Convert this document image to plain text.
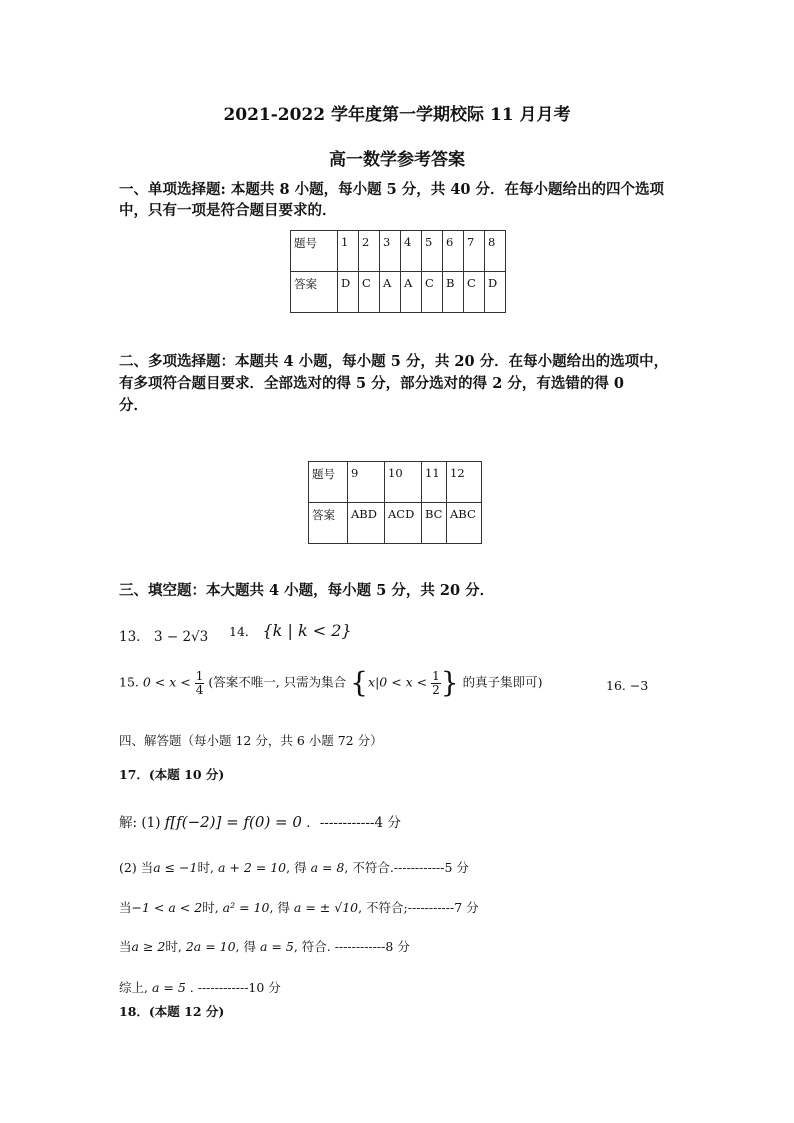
2021-2022 学年度第一学期校际 11 月月考
高一数学参考答案
一、单项选择题: 本题共 8 小题，每小题 5 分，共 40 分．在每小题给出的四个选项
中，只有一项是符合题目要求的．
题号	1	2	3	4	5	6	7	8
答案	D	C	A	A	C	B	C	D
二、多项选择题：本题共 4 小题，每小题 5 分，共 20 分．在每小题给出的选项中，
有多项符合题目要求．全部选对的得 5 分，部分选对的得 2 分，有选错的得 0
分．
题号	9	10	11	12
答案	ABD	ACD	BC	ABC
三、填空题：本大题共 4 小题，每小题 5 分，共 20 分．
13． 3 − 2√3 14． {k | k < 2}
15. $0 < x < \frac{1}{4}$ (答案不唯一, 只需为集合 {$x|0 < x < \frac{1}{2}$ } 的真子集即可)	16. −3
四、解答题（每小题 12 分，共 6 小题 72 分）
17．(本题 10 分)
解: (1) f[f(−2)] = f(0) = 0 ．------------4 分
(2) 当a ≤ −1时, a + 2 = 10, 得 a = 8, 不符合.------------5 分
当−1 < a < 2时, a² = 10, 得 a = ± √10, 不符合;-----------7 分
当a ≥ 2时, 2a = 10, 得 a = 5, 符合. ------------8 分
综上, a = 5 . ------------10 分
18．(本题 12 分)
